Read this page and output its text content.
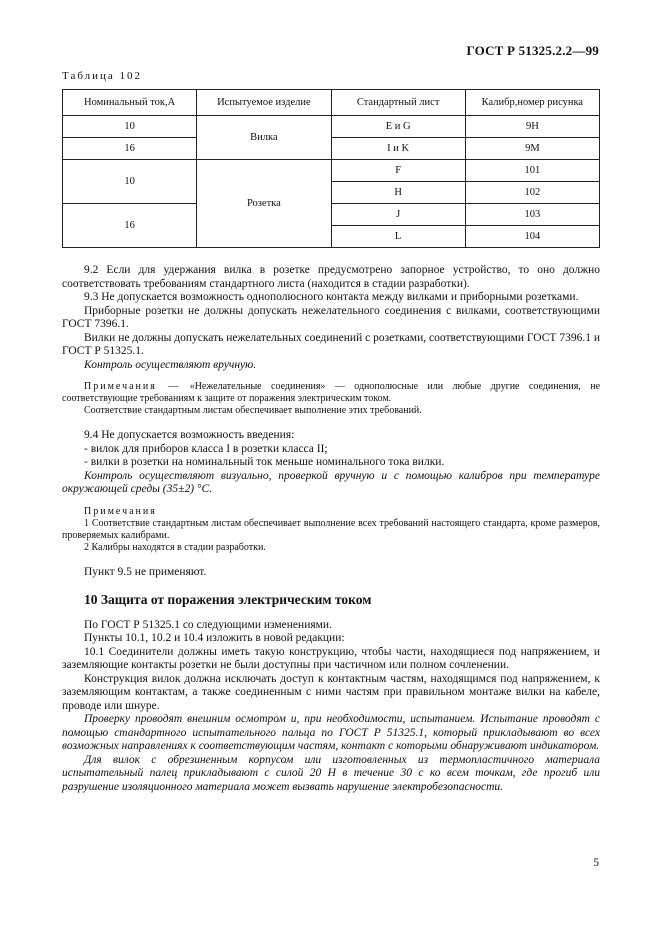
ГОСТ Р 51325.2.2—99
Таблица 102
Номинальный ток,А	Испытуемое изделие	Стандартный лист	Калибр,номер рисунка
10	Вилка	E и G	9H
16		I и K	9M
10	Розетка	F	101
		H	102
16		J	103
		L	104

9.2 Если для удержания вилка в розетке предусмотрено запорное устройство, то оно должно соответствовать требованиям стандартного листа (находится в стадии разработки).

9.3 Не допускается возможность однополюсного контакта между вилками и приборными розетками.

Приборные розетки не должны допускать нежелательного соединения с вилками, соответствующими ГОСТ 7396.1.

Вилки не должны допускать нежелательных соединений с розетками, соответствующими ГОСТ 7396.1 и ГОСТ Р 51325.1.

Контроль осуществляют вручную.

Примечания — «Нежелательные соединения» — однополюсные или любые другие соединения, не соответствующие требованиям к защите от поражения электрическим током.

Соответствие стандартным листам обеспечивает выполнение этих требований.

9.4 Не допускается возможность введения:

- вилок для приборов класса I в розетки класса II;

- вилки в розетки на номинальный ток меньше номинального тока вилки.

Контроль осуществляют визуально, проверкой вручную и с помощью калибров при температуре окружающей среды (35±2) °С.

Примечания

1 Соответствие стандартным листам обеспечивает выполнение всех требований настоящего стандарта, кроме размеров, проверяемых калибрами.

2 Калибры находятся в стадии разработки.

Пункт 9.5 не применяют.

10 Защита от поражения электрическим током

По ГОСТ Р 51325.1 со следующими изменениями.

Пункты 10.1, 10.2 и 10.4 изложить в новой редакции:

10.1 Соединители должны иметь такую конструкцию, чтобы части, находящиеся под напряжением, и заземляющие контакты розетки не были доступны при частичном или полном сочленении.

Конструкция вилок должна исключать доступ к контактным частям, находящимся под напряжением, к заземляющим контактам, а также соединенным с ними частям при правильном монтаже вилки на кабеле, проводе или шнуре.

Проверку проводят внешним осмотром и, при необходимости, испытанием. Испытание проводят с помощью стандартного испытательного пальца по ГОСТ Р 51325.1, который прикладывают во всех возможных направлениях к соответствующим частям, контакт с которыми обнаруживают индикатором.

Для вилок с обрезиненным корпусом или изготовленных из термопластичного материала испытательный палец прикладывают с силой 20 Н в течение 30 с ко всем точкам, где прогиб или разрушение изоляционного материала может вызвать нарушение электробезопасности.

5
